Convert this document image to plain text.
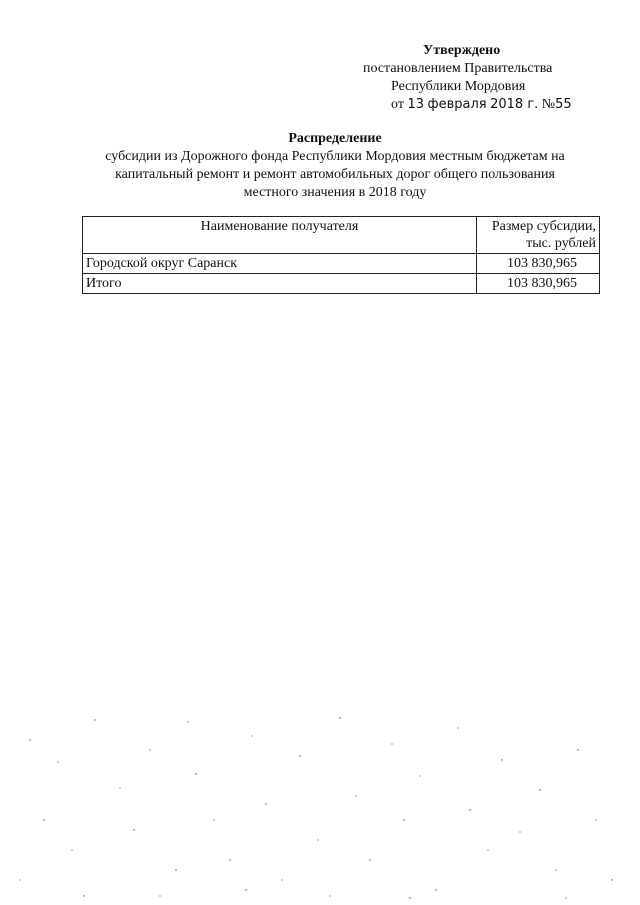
Утверждено
постановлением Правительства
Республики Мордовия
от 13 февраля 2018 г. №55
Распределение
субсидии из Дорожного фонда Республики Мордовия местным бюджетам на
капитальный ремонт и ремонт автомобильных дорог общего пользования
местного значения в 2018 году
Наименование получателя	Размер субсидии,
тыс. рублей
Городской округ Саранск	103 830,965
Итого	103 830,965
